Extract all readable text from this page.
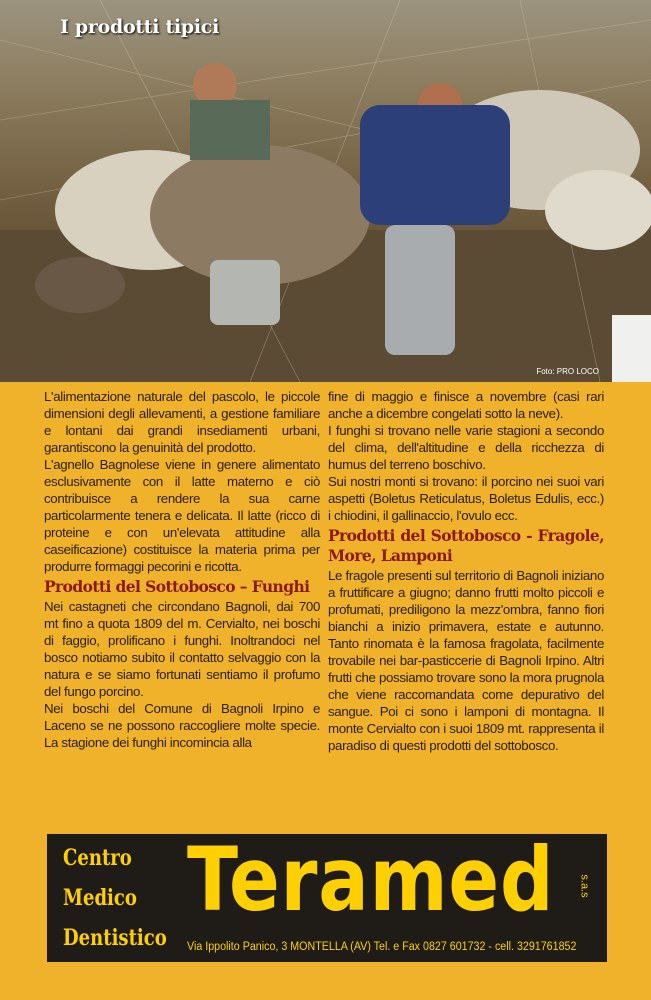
I prodotti tipici
Foto: PRO LOCO

L'alimentazione naturale del pascolo, le piccole dimensioni degli allevamenti, a gestione familiare e lontani dai grandi insediamenti urbani, garantiscono la genuinità del prodotto.

L'agnello Bagnolese viene in genere alimentato esclusivamente con il latte materno e ciò contribuisce a rendere la sua carne particolarmente tenera e delicata. Il latte (ricco di proteine e con un'elevata attitudine alla caseificazione) costituisce la materia prima per produrre formaggi pecorini e ricotta.

Prodotti del Sottobosco – Funghi

Nei castagneti che circondano Bagnoli, dai 700 mt fino a quota 1809 del m. Cervialto, nei boschi di faggio, prolificano i funghi. Inoltrandoci nel bosco notiamo subito il contatto selvaggio con la natura e se siamo fortunati sentiamo il profumo del fungo porcino.

Nei boschi del Comune di Bagnoli Irpino e Laceno se ne possono raccogliere molte specie. La stagione dei funghi incomincia alla

fine di maggio e finisce a novembre (casi rari anche a dicembre congelati sotto la neve).

I funghi si trovano nelle varie stagioni a secondo del clima, dell'altitudine e della ricchezza di humus del terreno boschivo.

Sui nostri monti si trovano: il porcino nei suoi vari aspetti (Boletus Reticulatus, Boletus Edulis, ecc.) i chiodini, il gallinaccio, l'ovulo ecc.

Prodotti del Sottobosco - Fragole, More, Lamponi

Le fragole presenti sul territorio di Bagnoli iniziano a fruttificare a giugno; danno frutti molto piccoli e profumati, prediligono la mezz'ombra, fanno fiori bianchi a inizio primavera, estate e autunno. Tanto rinomata è la famosa fragolata, facilmente trovabile nei bar-pasticcerie di Bagnoli Irpino. Altri frutti che possiamo trovare sono la mora prugnola che viene raccomandata come depurativo del sangue. Poi ci sono i lamponi di montagna. Il monte Cervialto con i suoi 1809 mt. rappresenta il paradiso di questi prodotti del sottobosco.

Centro
Medico
Dentistico
Teramed s.a.s
Via Ippolito Panico, 3 MONTELLA (AV) Tel. e Fax 0827 601732 - cell. 3291761852
